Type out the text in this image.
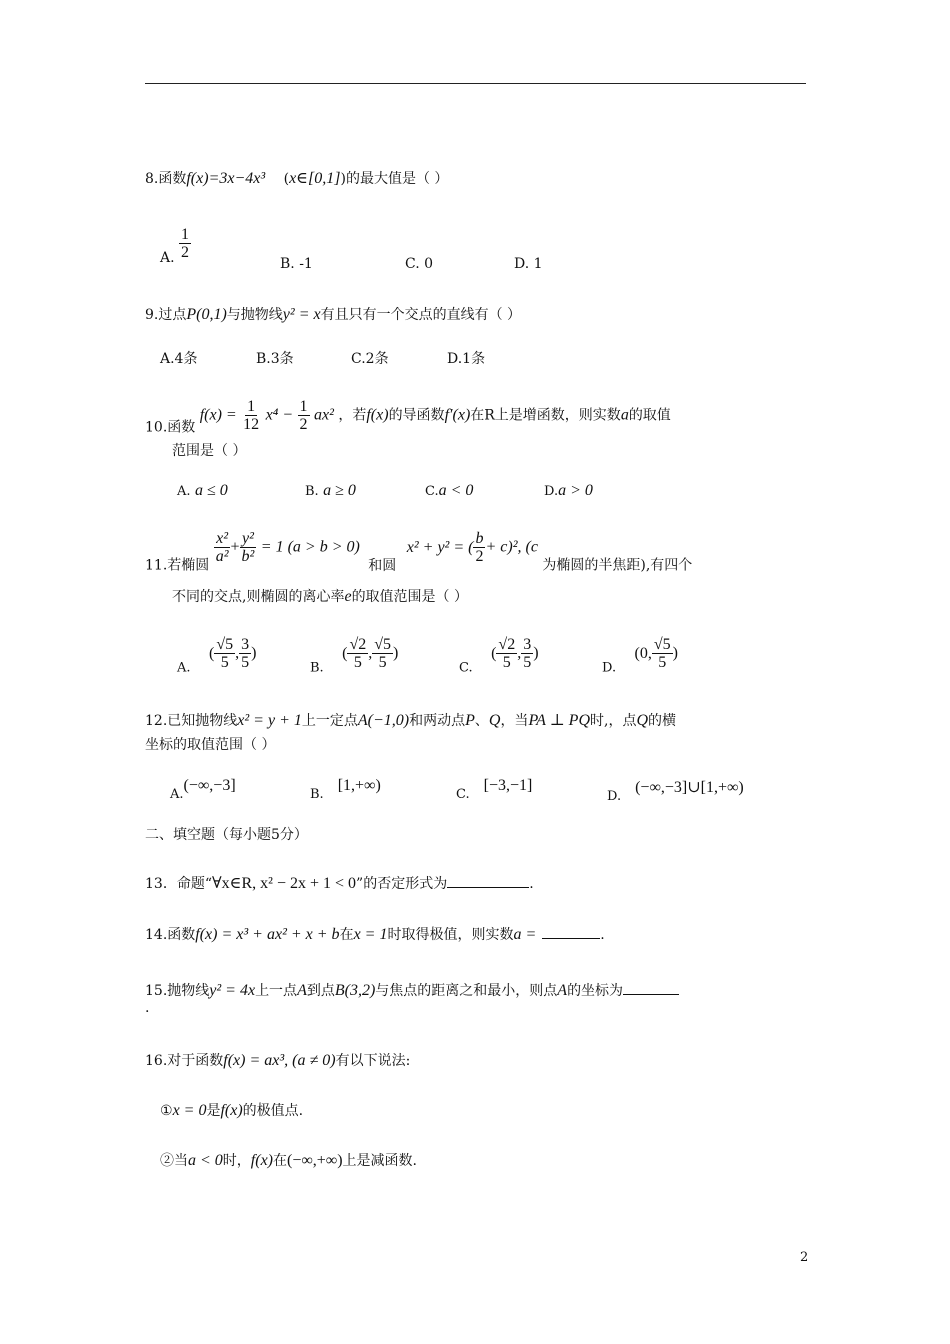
8.函数f(x)=3x−4x³ (x∈[0,1])的最大值是（ ）
A. $\frac{1}{2}$
B. -1	C. 0	D. 1
9.过点P(0,1)与抛物线y² = x有且只有一个交点的直线有（ ）
A.4条	B.3条	C.2条	D.1条
10.函数 $f(x) = \frac{1}{12} x^4 - \frac{1}{2} ax^2$ ，若f(x)的导函数f′(x)在R上是增函数，则实数a的取值
范围是（ ）
A. a ≤ 0	B. a ≥ 0	C.a < 0	D.a > 0
11.若椭圆
$\frac{\text{x²}}{\text{a²}} + \frac{\text{y²}}{\text{b²}} = 1$ (a > b > 0) 和圆 x² + y² = ( $\frac{b}{2} + c)^2$, (c 为椭圆的半焦距),有四个
不同的交点,则椭圆的离心率e的取值范围是（ ）
A. ( $\frac{√5}{5}$ , $\frac{3}{5}$ )
B. ( $\frac{√2}{5}$ , $\frac{√5}{5}$ )
C. ( $\frac{√2}{5}$ , $\frac{3}{5}$ )
D. (0, $\frac{√5}{5}$ )
12.已知抛物线x² = y + 1上一定点A(−1,0)和两动点P、Q，当PA ⊥ PQ时,，点Q的横
坐标的取值范围（ ）
A.(−∞,−3]
B.[1,+∞)
C.[−3,−1]
D.(−∞,−3]∪[1,+∞)
二、填空题（每小题5分）
13．命题“∀x∈R, x² − 2x + 1 < 0”的否定形式为	.
14.函数f(x) = x³ + ax² + x + b在x = 1时取得极值，则实数a =	.
15.抛物线y² = 4x上一点A到点B(3,2)与焦点的距离之和最小，则点A的坐标为
.
16.对于函数f(x) = ax³, (a ≠ 0)有以下说法:
①x = 0是f(x)的极值点.
②当a < 0时，f(x)在(−∞,+∞)上是减函数.
2
